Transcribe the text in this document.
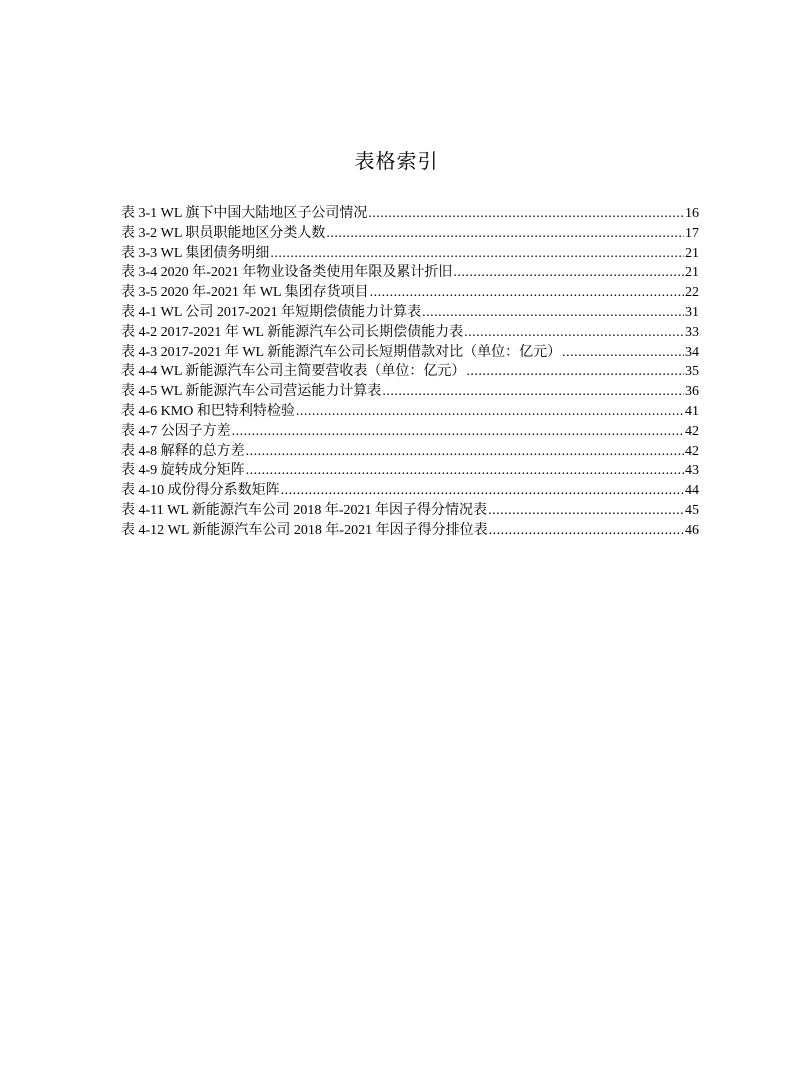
表格索引
表 3-1 WL 旗下中国大陆地区子公司情况 .....	16
表 3-2 WL 职员职能地区分类人数 .....	17
表 3-3 WL 集团债务明细 .....	21
表 3-4 2020 年-2021 年物业设备类使用年限及累计折旧 .....	21
表 3-5 2020 年-2021 年 WL 集团存货项目 .....	22
表 4-1 WL 公司 2017-2021 年短期偿债能力计算表 .....	31
表 4-2 2017-2021 年 WL 新能源汽车公司长期偿债能力表 .....	33
表 4-3 2017-2021 年 WL 新能源汽车公司长短期借款对比（单位：亿元） .....	34
表 4-4 WL 新能源汽车公司主简要营收表（单位：亿元） .....	35
表 4-5 WL 新能源汽车公司营运能力计算表 .....	36
表 4-6 KMO 和巴特利特检验 .....	41
表 4-7 公因子方差 .....	42
表 4-8 解释的总方差 .....	42
表 4-9 旋转成分矩阵 .....	43
表 4-10 成份得分系数矩阵 .....	44
表 4-11 WL 新能源汽车公司 2018 年-2021 年因子得分情况表 .....	45
表 4-12 WL 新能源汽车公司 2018 年-2021 年因子得分排位表 .....	46
